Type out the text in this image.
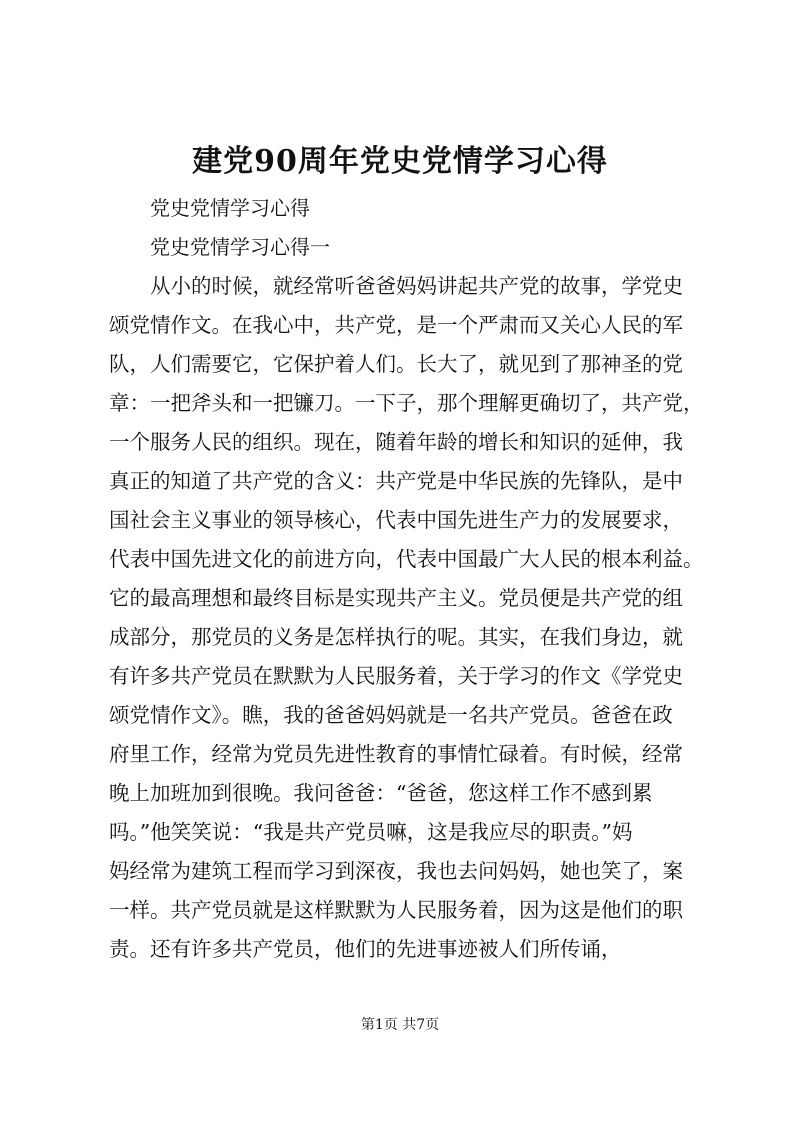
建党90周年党史党情学习心得

党史党情学习心得

党史党情学习心得一

从小的时候，就经常听爸爸妈妈讲起共产党的故事，学党史

颂党情作文。在我心中，共产党，是一个严肃而又关心人民的军

队，人们需要它，它保护着人们。长大了，就见到了那神圣的党

章：一把斧头和一把镰刀。一下子，那个理解更确切了，共产党，

一个服务人民的组织。现在，随着年龄的增长和知识的延伸，我

真正的知道了共产党的含义：共产党是中华民族的先锋队，是中

国社会主义事业的领导核心，代表中国先进生产力的发展要求，

代表中国先进文化的前进方向，代表中国最广大人民的根本利益。

它的最高理想和最终目标是实现共产主义。党员便是共产党的组

成部分，那党员的义务是怎样执行的呢。其实，在我们身边，就

有许多共产党员在默默为人民服务着，关于学习的作文《学党史

颂党情作文》。瞧，我的爸爸妈妈就是一名共产党员。爸爸在政

府里工作，经常为党员先进性教育的事情忙碌着。有时候，经常

晚上加班加到很晚。我问爸爸：“爸爸，您这样工作不感到累

吗。”他笑笑说：“我是共产党员嘛，这是我应尽的职责。”妈

妈经常为建筑工程而学习到深夜，我也去问妈妈，她也笑了，案

一样。共产党员就是这样默默为人民服务着，因为这是他们的职

责。还有许多共产党员，他们的先进事迹被人们所传诵，

第1页 共7页
